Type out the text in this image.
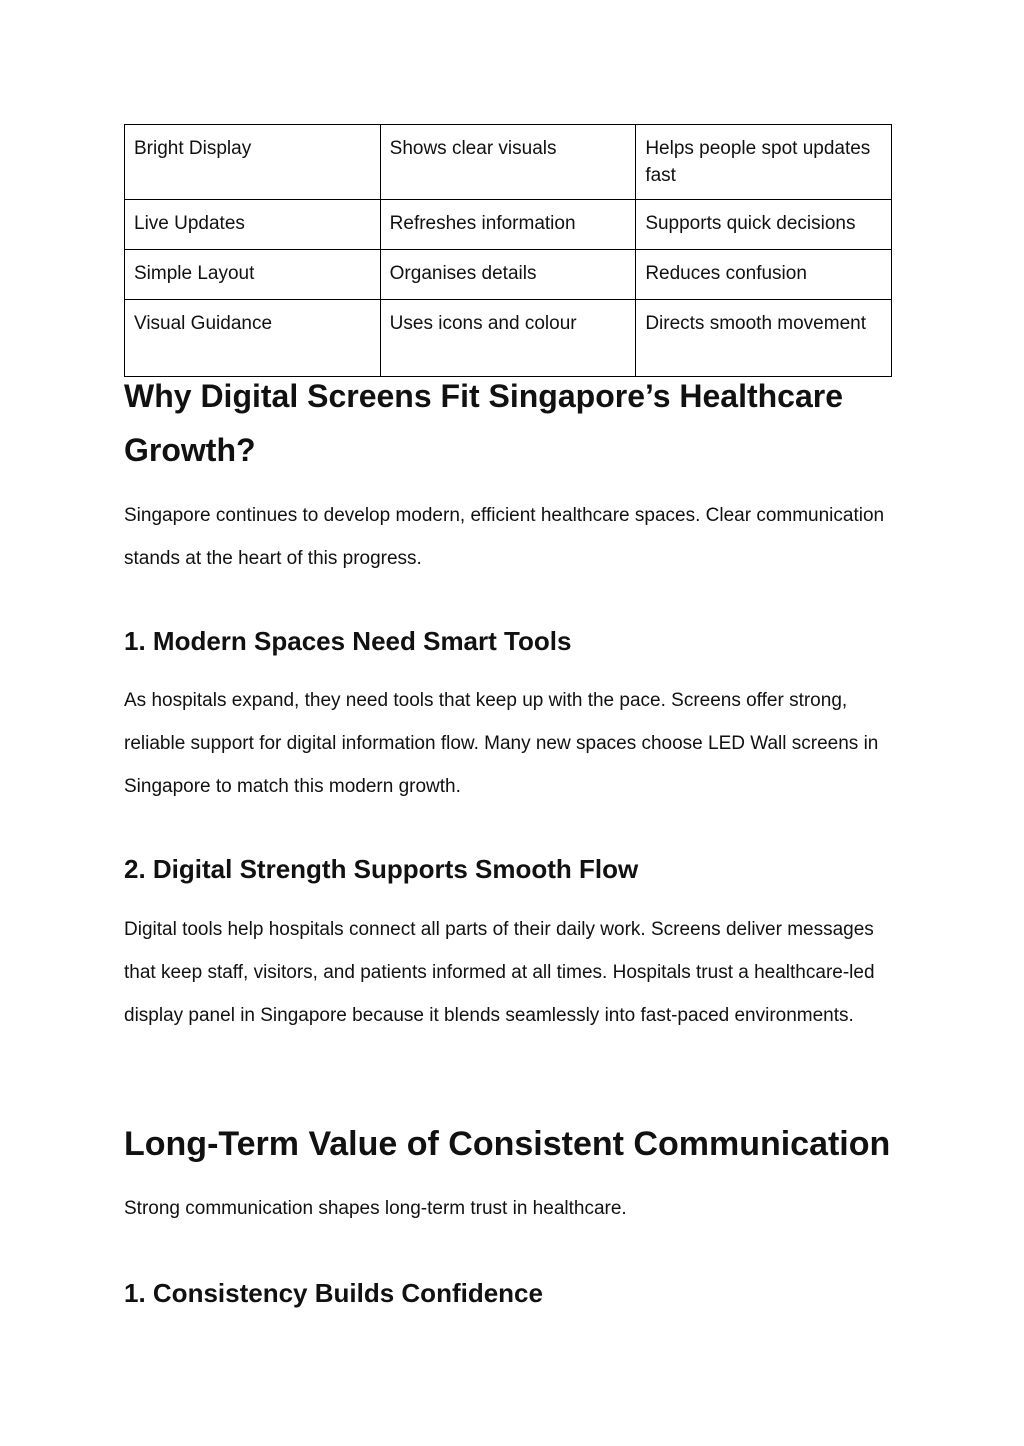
Bright Display	Shows clear visuals	Helps people spot updates fast
Live Updates	Refreshes information	Supports quick decisions
Simple Layout	Organises details	Reduces confusion
Visual Guidance	Uses icons and colour	Directs smooth movement
Why Digital Screens Fit Singapore’s Healthcare Growth?

Singapore continues to develop modern, efficient healthcare spaces. Clear communication stands at the heart of this progress.

1. Modern Spaces Need Smart Tools

As hospitals expand, they need tools that keep up with the pace. Screens offer strong, reliable support for digital information flow. Many new spaces choose LED Wall screens in Singapore to match this modern growth.

2. Digital Strength Supports Smooth Flow

Digital tools help hospitals connect all parts of their daily work. Screens deliver messages that keep staff, visitors, and patients informed at all times. Hospitals trust a healthcare-led display panel in Singapore because it blends seamlessly into fast-paced environments.

Long-Term Value of Consistent Communication

Strong communication shapes long-term trust in healthcare.

1. Consistency Builds Confidence
